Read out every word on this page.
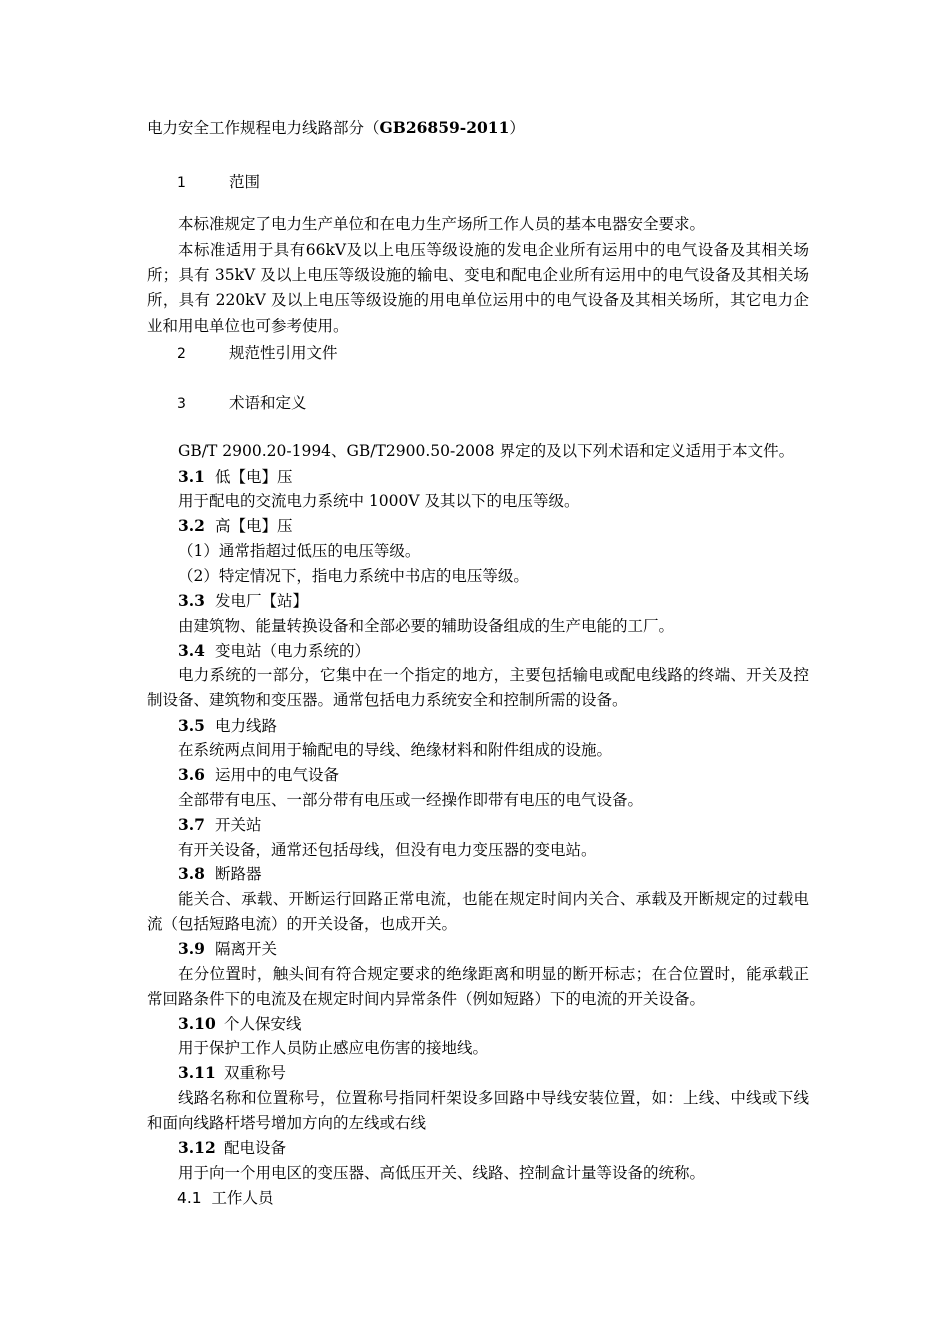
电力安全工作规程电力线路部分（GB26859-2011）
1	范围
本标准规定了电力生产单位和在电力生产场所工作人员的基本电器安全要求。
本标准适用于具有66kV及以上电压等级设施的发电企业所有运用中的电气设备及其相关场所；具有 35kV 及以上电压等级设施的输电、变电和配电企业所有运用中的电气设备及其相关场所，具有 220kV 及以上电压等级设施的用电单位运用中的电气设备及其相关场所，其它电力企业和用电单位也可参考使用。
2	规范性引用文件
3	术语和定义
GB/T 2900.20-1994、GB/T2900.50-2008 界定的及以下列术语和定义适用于本文件。
3.1 低【电】压
用于配电的交流电力系统中 1000V 及其以下的电压等级。
3.2 高【电】压
（1）通常指超过低压的电压等级。
（2）特定情况下，指电力系统中书店的电压等级。
3.3 发电厂【站】
由建筑物、能量转换设备和全部必要的辅助设备组成的生产电能的工厂。
3.4 变电站（电力系统的）
电力系统的一部分，它集中在一个指定的地方，主要包括输电或配电线路的终端、开关及控制设备、建筑物和变压器。通常包括电力系统安全和控制所需的设备。
3.5 电力线路
在系统两点间用于输配电的导线、绝缘材料和附件组成的设施。
3.6 运用中的电气设备
全部带有电压、一部分带有电压或一经操作即带有电压的电气设备。
3.7 开关站
有开关设备，通常还包括母线，但没有电力变压器的变电站。
3.8 断路器
能关合、承载、开断运行回路正常电流，也能在规定时间内关合、承载及开断规定的过载电流（包括短路电流）的开关设备，也成开关。
3.9 隔离开关
在分位置时，触头间有符合规定要求的绝缘距离和明显的断开标志；在合位置时，能承载正常回路条件下的电流及在规定时间内异常条件（例如短路）下的电流的开关设备。
3.10 个人保安线
用于保护工作人员防止感应电伤害的接地线。
3.11 双重称号
线路名称和位置称号，位置称号指同杆架设多回路中导线安装位置，如：上线、中线或下线和面向线路杆塔号增加方向的左线或右线
3.12 配电设备
用于向一个用电区的变压器、高低压开关、线路、控制盒计量等设备的统称。
4.1 工作人员
